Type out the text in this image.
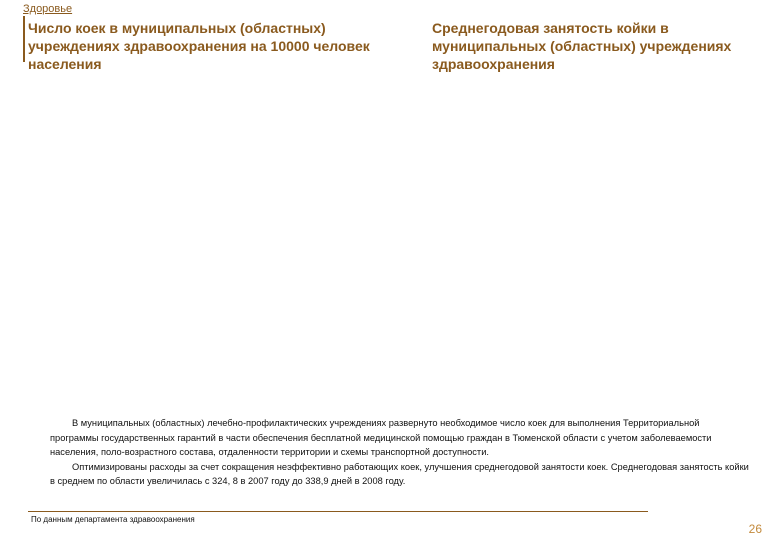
Здоровье
Число коек в муниципальных (областных) учреждениях здравоохранения на 10000 человек населения
Среднегодовая занятость койки в муниципальных (областных) учреждениях здравоохранения

В муниципальных (областных) лечебно-профилактических учреждениях развернуто необходимое число коек для выполнения Территориальной программы государственных гарантий в части обеспечения бесплатной медицинской помощью граждан в Тюменской области с учетом заболеваемости населения, поло-возрастного состава, отдаленности территории и схемы транспортной доступности.

Оптимизированы расходы за счет сокращения неэффективно работающих коек, улучшения среднегодовой занятости коек. Среднегодовая занятость койки в среднем по области увеличилась с 324, 8 в 2007 году до 338,9 дней в 2008 году.

По данным департамента здравоохранения
26
